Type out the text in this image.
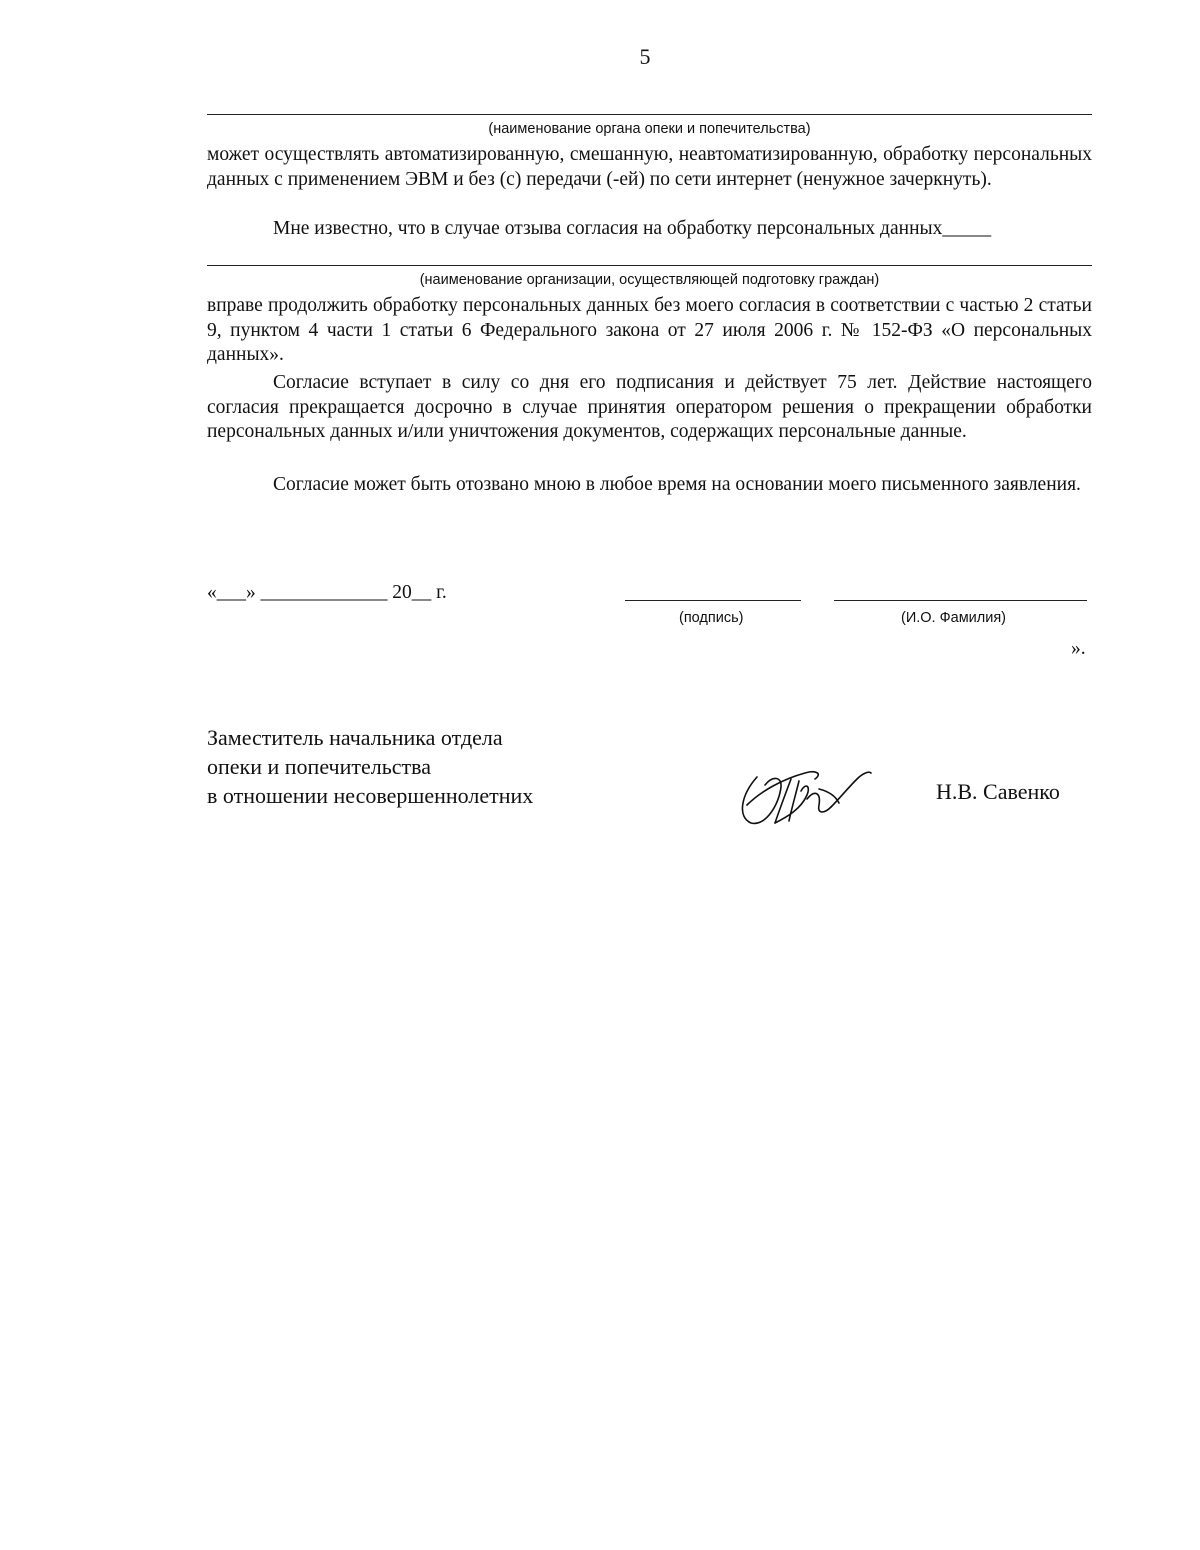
5
(наименование органа опеки и попечительства)
может осуществлять автоматизированную, смешанную, неавтоматизированную, обработку персональных данных с применением ЭВМ и без (с) передачи (-ей) по сети интернет (ненужное зачеркнуть).
Мне известно, что в случае отзыва согласия на обработку персональных данных_____
(наименование организации, осуществляющей подготовку граждан)
вправе продолжить обработку персональных данных без моего согласия в соответствии с частью 2 статьи 9, пунктом 4 части 1 статьи 6 Федерального закона от 27 июля 2006 г. № 152-ФЗ «О персональных данных».
Согласие вступает в силу со дня его подписания и действует 75 лет. Действие настоящего согласия прекращается досрочно в случае принятия оператором решения о прекращении обработки персональных данных и/или уничтожения документов, содержащих персональные данные.
Согласие может быть отозвано мною в любое время на основании моего письменного заявления.
«___» _____________ 20__ г.
(подпись)	(И.О. Фамилия)
».
Заместитель начальника отдела
опеки и попечительства
в отношении несовершеннолетних	Н.В. Савенко
